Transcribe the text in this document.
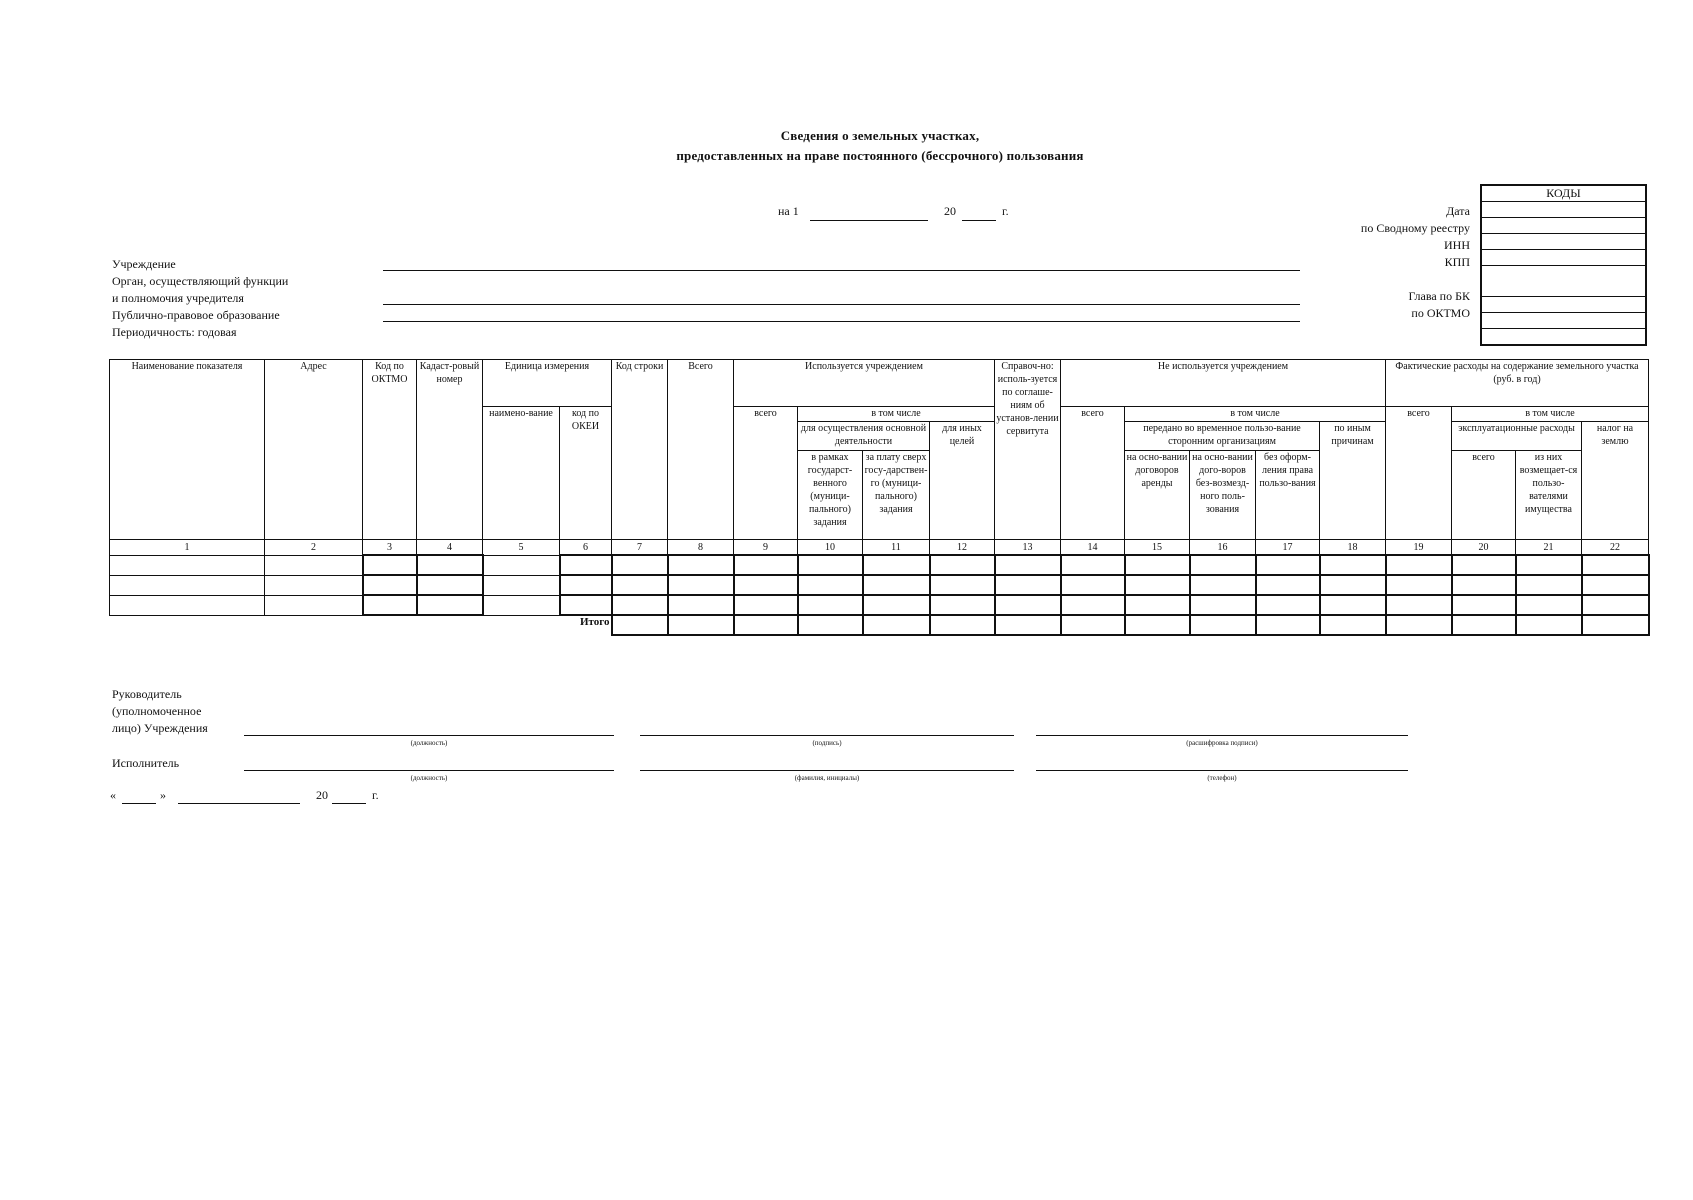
Сведения о земельных участках,
предоставленных на праве постоянного (бессрочного) пользования
на 1	20	г.	Дата
по Сводному реестру
ИНН
КПП
Глава по БК
по ОКТМО
КОДЫ

Учреждение
Орган, осуществляющий функции
и полномочия учредителя
Публично-правовое образование
Периодичность: годовая
Наименование показателя	Адрес	Код по ОКТМО	Кадаст-ровый номер	Единица измерения		Код строки	Всего	Используется учреждением				Справоч-но: исполь-зуется по соглаше-ниям об установ-лении сервитута	Не используется учреждением					Фактические расходы на содержание земельного участка (руб. в год)			
				наимено-вание	код по ОКЕИ			всего	в том числе				всего	в том числе				всего	в том числе		
									для осуществления основной деятельности		для иных целей			передано во временное пользо-вание сторонним организациям			по иным причинам		эксплуатационные расходы		налог на землю
									в рамках государст-венного (муници-пального) задания	за плату сверх госу-дарствен-го (муници-пального) задания				на осно-вании договоров аренды	на осно-вании дого-воров без-возмезд-ного поль-зования	без оформ-ления права пользо-вания			всего	из них возмещает-ся пользо-вателями имущества	
1	2	3	4	5	6	7	8	9	10	11	12	13	14	15	16	17	18	19	20	21	22

					Итого																
Руководитель
(уполномоченное
лицо) Учреждения
(должность)	(подпись)	(расшифровка подписи)
Исполнитель
(должность)	(фамилия, инициалы)	(телефон)
«	»	20	г.
